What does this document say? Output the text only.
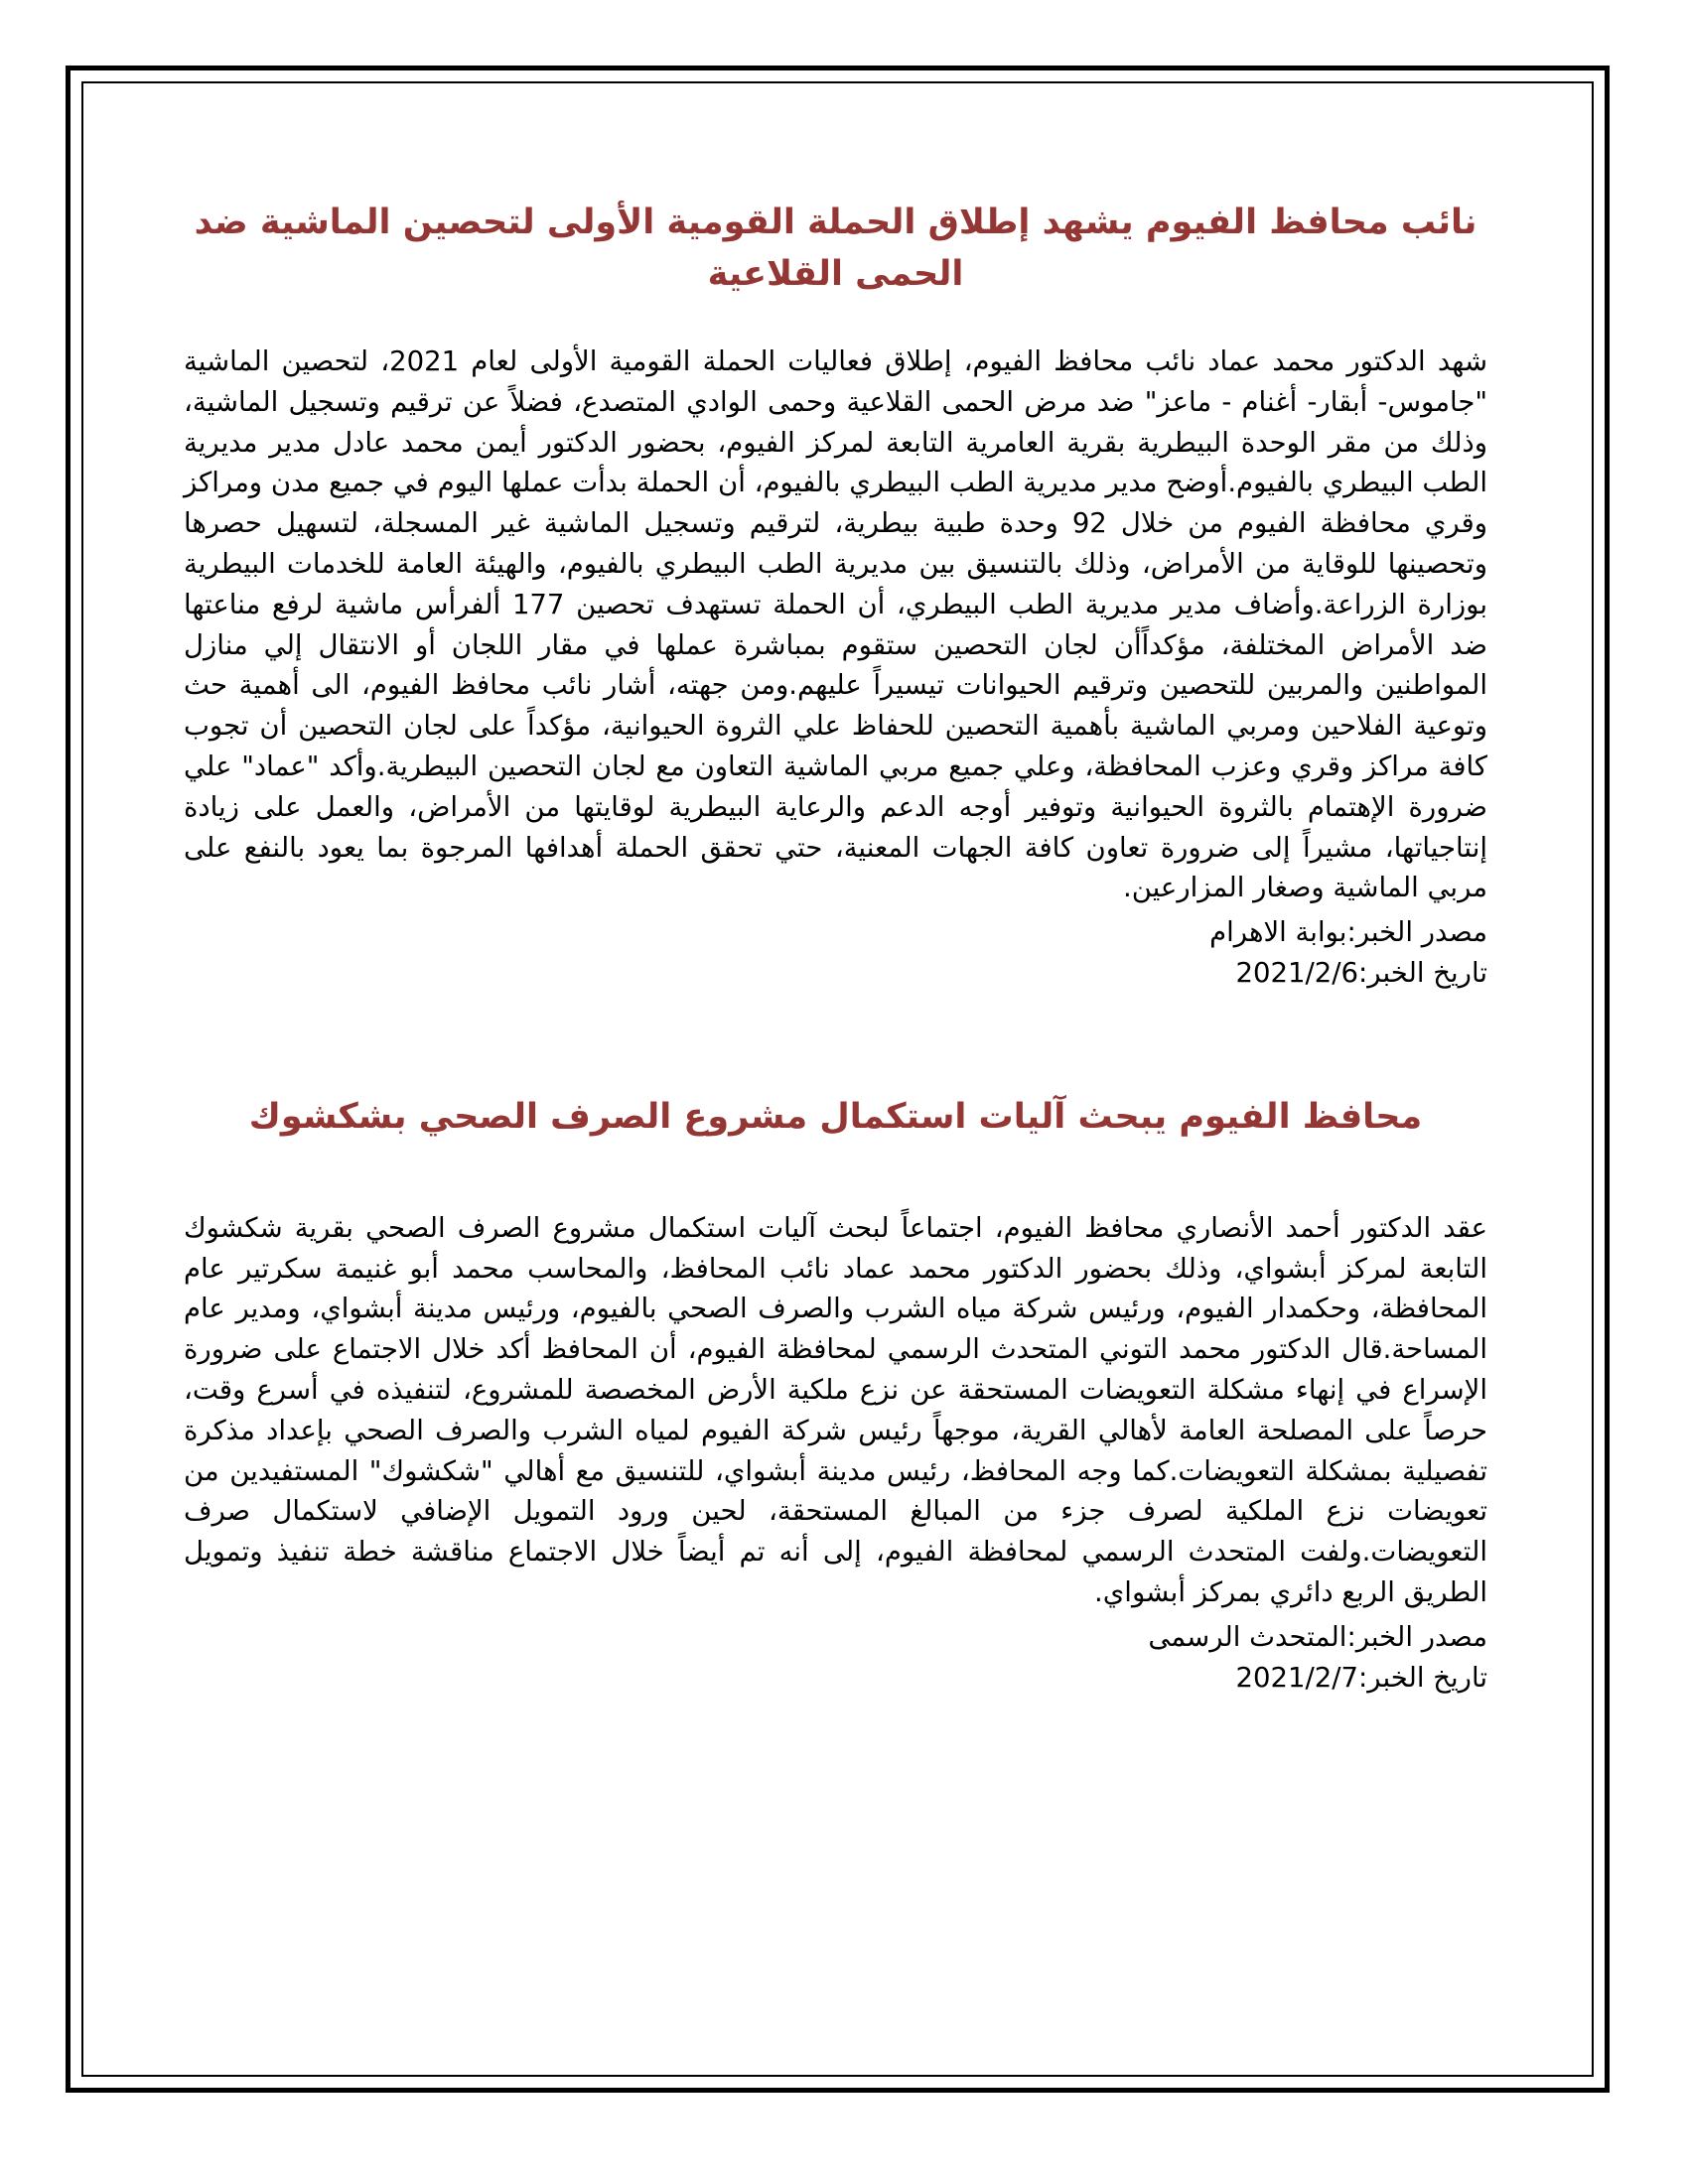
نائب محافظ الفيوم يشهد إطلاق الحملة القومية الأولى لتحصين الماشية ضد الحمى القلاعية

شهد الدكتور محمد عماد نائب محافظ الفيوم، إطلاق فعاليات الحملة القومية الأولى لعام 2021، لتحصين الماشية "جاموس- أبقار- أغنام - ماعز" ضد مرض الحمى القلاعية وحمى الوادي المتصدع، فضلاً عن ترقيم وتسجيل الماشية، وذلك من مقر الوحدة البيطرية بقرية العامرية التابعة لمركز الفيوم، بحضور الدكتور أيمن محمد عادل مدير مديرية الطب البيطري بالفيوم.أوضح مدير مديرية الطب البيطري بالفيوم، أن الحملة بدأت عملها اليوم في جميع مدن ومراكز وقري محافظة الفيوم من خلال 92 وحدة طبية بيطرية، لترقيم وتسجيل الماشية غير المسجلة، لتسهيل حصرها وتحصينها للوقاية من الأمراض، وذلك بالتنسيق بين مديرية الطب البيطري بالفيوم، والهيئة العامة للخدمات البيطرية بوزارة الزراعة.وأضاف مدير مديرية الطب البيطري، أن الحملة تستهدف تحصين 177 ألفرأس ماشية لرفع مناعتها ضد الأمراض المختلفة، مؤكداًأن لجان التحصين ستقوم بمباشرة عملها في مقار اللجان أو الانتقال إلي منازل المواطنين والمربين للتحصين وترقيم الحيوانات تيسيراً عليهم.ومن جهته، أشار نائب محافظ الفيوم، الى أهمية حث وتوعية الفلاحين ومربي الماشية بأهمية التحصين للحفاظ علي الثروة الحيوانية، مؤكداً على لجان التحصين أن تجوب كافة مراكز وقري وعزب المحافظة، وعلي جميع مربي الماشية التعاون مع لجان التحصين البيطرية.وأكد "عماد" علي ضرورة الإهتمام بالثروة الحيوانية وتوفير أوجه الدعم والرعاية البيطرية لوقايتها من الأمراض، والعمل على زيادة إنتاجياتها، مشيراً إلى ضرورة تعاون كافة الجهات المعنية، حتي تحقق الحملة أهدافها المرجوة بما يعود بالنفع على مربي الماشية وصغار المزارعين.

مصدر الخبر:بوابة الاهرام

تاريخ الخبر:2021/2/6

محافظ الفيوم يبحث آليات استكمال مشروع الصرف الصحي بشكشوك

عقد الدكتور أحمد الأنصاري محافظ الفيوم، اجتماعاً لبحث آليات استكمال مشروع الصرف الصحي بقرية شكشوك التابعة لمركز أبشواي، وذلك بحضور الدكتور محمد عماد نائب المحافظ، والمحاسب محمد أبو غنيمة سكرتير عام المحافظة، وحكمدار الفيوم، ورئيس شركة مياه الشرب والصرف الصحي بالفيوم، ورئيس مدينة أبشواي، ومدير عام المساحة.قال الدكتور محمد التوني المتحدث الرسمي لمحافظة الفيوم، أن المحافظ أكد خلال الاجتماع على ضرورة الإسراع في إنهاء مشكلة التعويضات المستحقة عن نزع ملكية الأرض المخصصة للمشروع، لتنفيذه في أسرع وقت، حرصاً على المصلحة العامة لأهالي القرية، موجهاً رئيس شركة الفيوم لمياه الشرب والصرف الصحي بإعداد مذكرة تفصيلية بمشكلة التعويضات.كما وجه المحافظ، رئيس مدينة أبشواي، للتنسيق مع أهالي "شكشوك" المستفيدين من تعويضات نزع الملكية لصرف جزء من المبالغ المستحقة، لحين ورود التمويل الإضافي لاستكمال صرف التعويضات.ولفت المتحدث الرسمي لمحافظة الفيوم، إلى أنه تم أيضاً خلال الاجتماع مناقشة خطة تنفيذ وتمويل الطريق الربع دائري بمركز أبشواي.

مصدر الخبر:المتحدث الرسمى

تاريخ الخبر:2021/2/7
